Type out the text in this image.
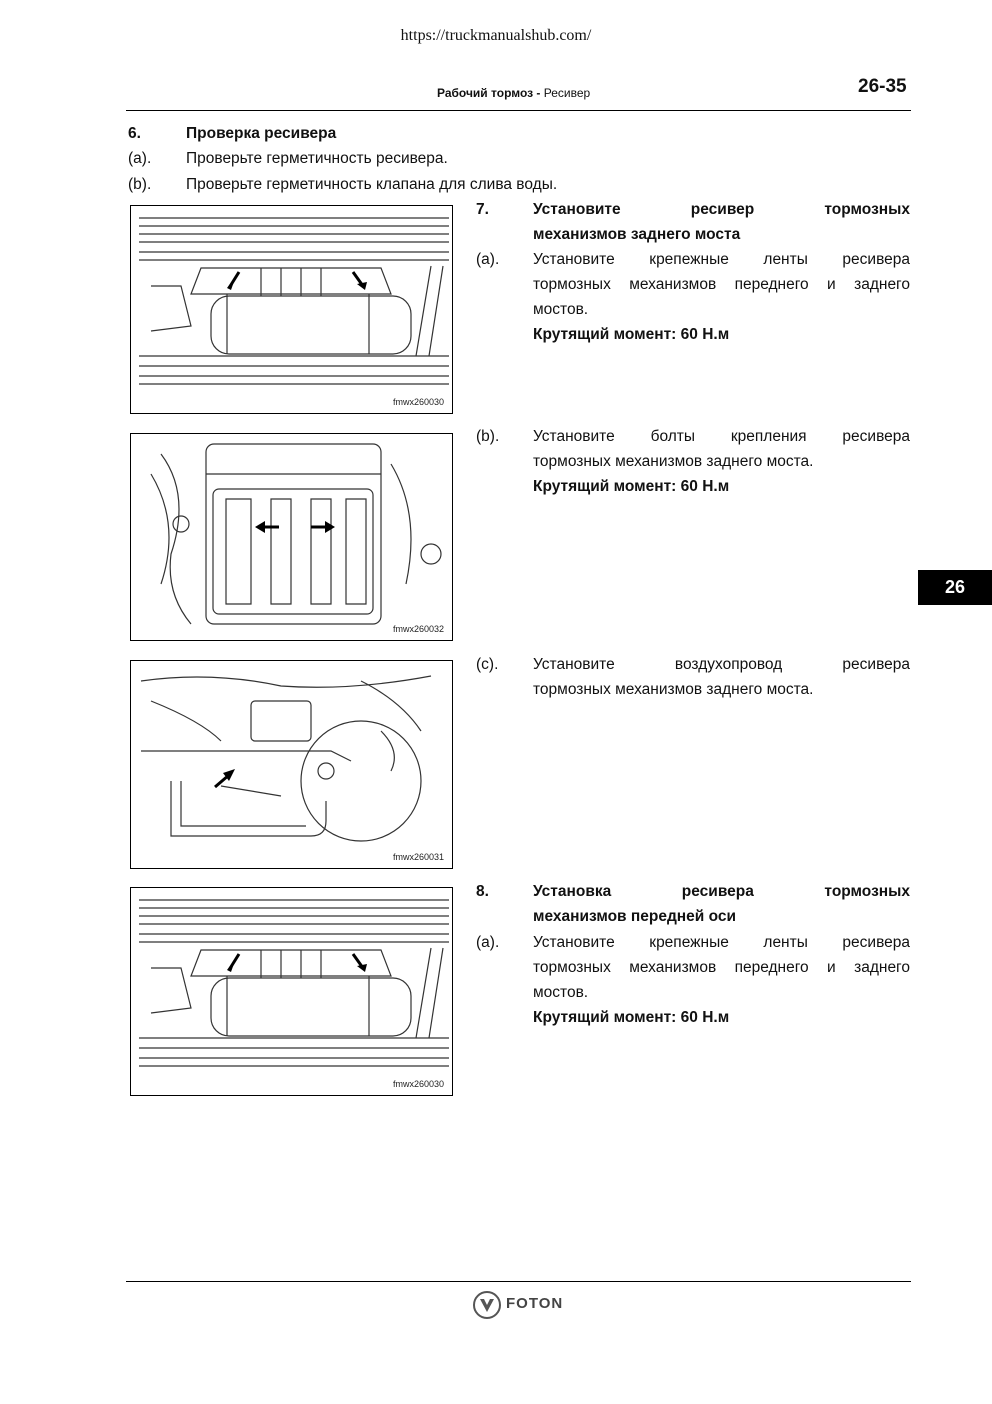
https://truckmanualshub.com/
Рабочий тормоз - Ресивер	26-35
6.	Проверка ресивера
(a). Проверьте герметичность ресивера.
(b). Проверьте герметичность клапана для слива воды.
7.	Установите ресивер тормозных
механизмов заднего моста
(a). Установите крепежные ленты ресивера
тормозных механизмов переднего и заднего
мостов.
Крутящий момент: 60 Н.м
(b). Установите болты крепления ресивера
тормозных механизмов заднего моста.
Крутящий момент: 60 Н.м
(c). Установите воздухопровод ресивера
тормозных механизмов заднего моста.
8.	Установка ресивера тормозных
механизмов передней оси
(a). Установите крепежные ленты ресивера
тормозных механизмов переднего и заднего
мостов.
Крутящий момент: 60 Н.м
fmwx260030
fmwx260032
fmwx260031
fmwx260030
26
FOTON
